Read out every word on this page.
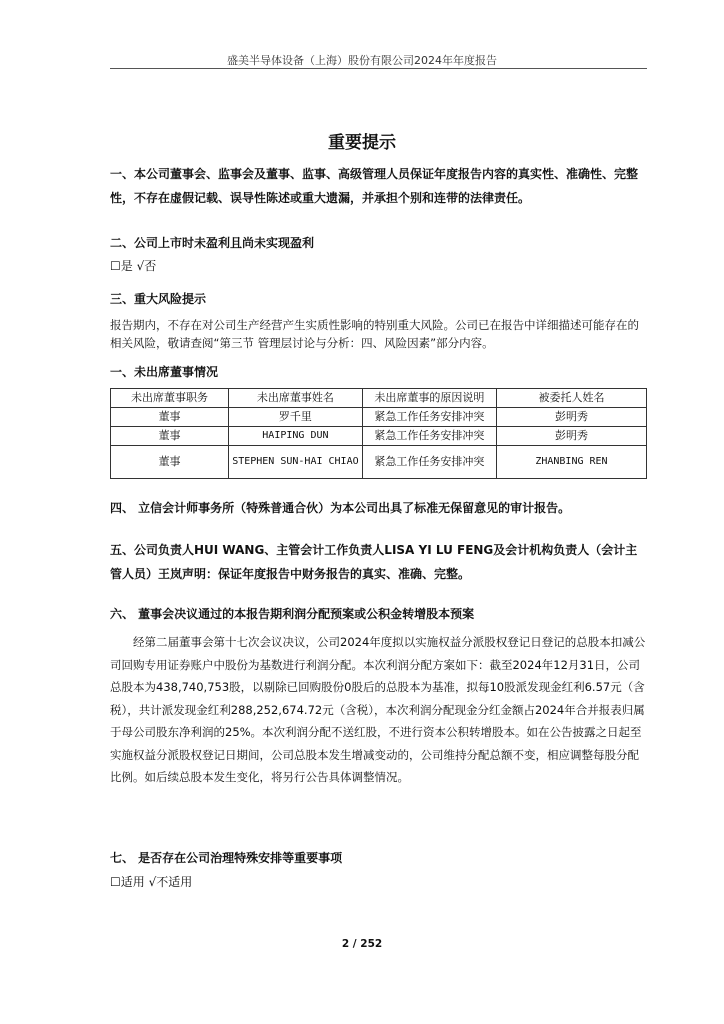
盛美半导体设备（上海）股份有限公司2024年年度报告
重要提示
一、本公司董事会、监事会及董事、监事、高级管理人员保证年度报告内容的真实性、准确性、完整性，不存在虚假记载、误导性陈述或重大遗漏，并承担个别和连带的法律责任。
二、公司上市时未盈利且尚未实现盈利
☐是 √否
三、重大风险提示
报告期内，不存在对公司生产经营产生实质性影响的特别重大风险。公司已在报告中详细描述可能存在的相关风险，敬请查阅“第三节 管理层讨论与分析：四、风险因素”部分内容。
一、未出席董事情况
未出席董事职务	未出席董事姓名	未出席董事的原因说明	被委托人姓名
董事	罗千里	紧急工作任务安排冲突	彭明秀
董事	HAIPING DUN	紧急工作任务安排冲突	彭明秀
董事	STEPHEN SUN-HAI CHIAO	紧急工作任务安排冲突	ZHANBING REN
四、 立信会计师事务所（特殊普通合伙）为本公司出具了标准无保留意见的审计报告。
五、公司负责人HUI WANG、主管会计工作负责人LISA YI LU FENG及会计机构负责人（会计主管人员）王岚声明：保证年度报告中财务报告的真实、准确、完整。
六、 董事会决议通过的本报告期利润分配预案或公积金转增股本预案
经第二届董事会第十七次会议决议，公司2024年度拟以实施权益分派股权登记日登记的总股本扣减公司回购专用证券账户中股份为基数进行利润分配。本次利润分配方案如下：截至2024年12月31日，公司总股本为438,740,753股，以剔除已回购股份0股后的总股本为基准，拟每10股派发现金红利6.57元（含税），共计派发现金红利288,252,674.72元（含税），本次利润分配现金分红金额占2024年合并报表归属于母公司股东净利润的25%。本次利润分配不送红股，不进行资本公积转增股本。如在公告披露之日起至实施权益分派股权登记日期间，公司总股本发生增减变动的，公司维持分配总额不变，相应调整每股分配比例。如后续总股本发生变化，将另行公告具体调整情况。
七、 是否存在公司治理特殊安排等重要事项
☐适用 √不适用
2 / 252
